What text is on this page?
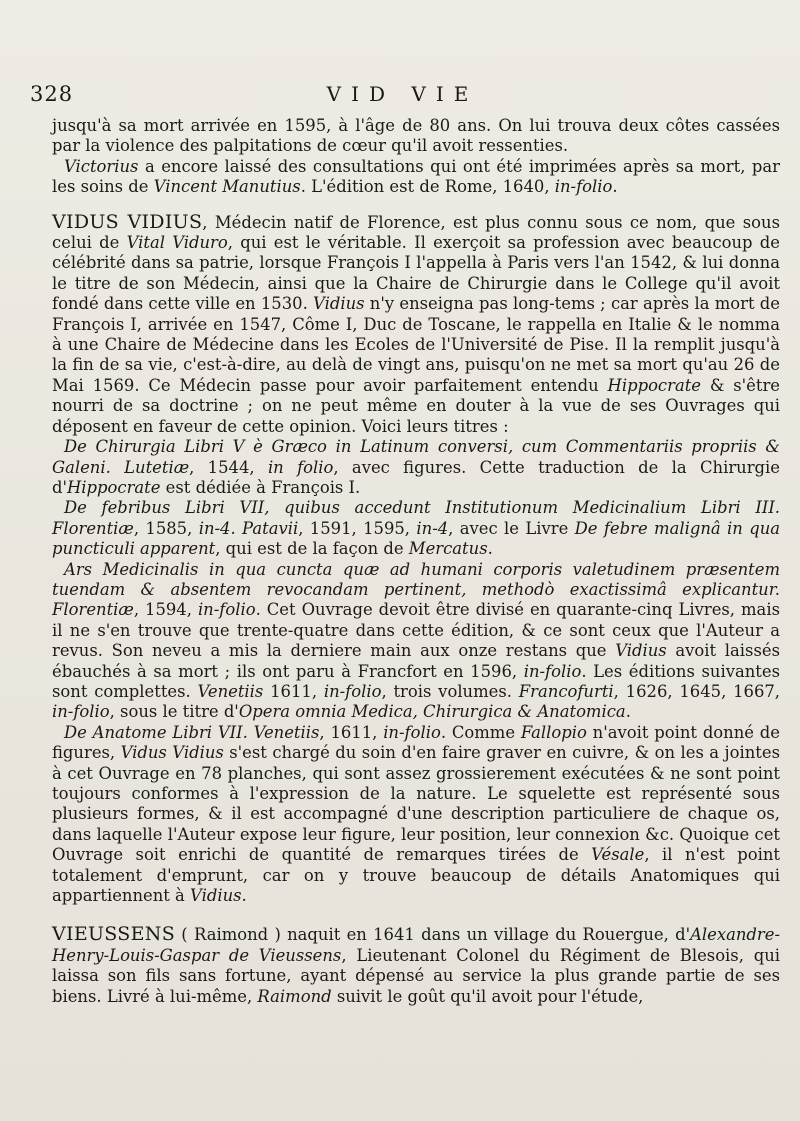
328	VID VIE

jusqu'à sa mort arrivée en 1595, à l'âge de 80 ans. On lui trouva deux côtes cassées par la violence des palpitations de cœur qu'il avoit ressenties.

Victorius a encore laissé des consultations qui ont été imprimées après sa mort, par les soins de Vincent Manutius. L'édition est de Rome, 1640, in-folio.

VIDUS VIDIUS, Médecin natif de Florence, est plus connu sous ce nom, que sous celui de Vital Viduro, qui est le véritable. Il exerçoit sa profession avec beaucoup de célébrité dans sa patrie, lorsque François I l'appella à Paris vers l'an 1542, & lui donna le titre de son Médecin, ainsi que la Chaire de Chirurgie dans le College qu'il avoit fondé dans cette ville en 1530. Vidius n'y enseigna pas long-tems ; car après la mort de François I, arrivée en 1547, Côme I, Duc de Toscane, le rappella en Italie & le nomma à une Chaire de Médecine dans les Ecoles de l'Université de Pise. Il la remplit jusqu'à la fin de sa vie, c'est-à-dire, au delà de vingt ans, puisqu'on ne met sa mort qu'au 26 de Mai 1569. Ce Médecin passe pour avoir parfaitement entendu Hippocrate & s'être nourri de sa doctrine ; on ne peut même en douter à la vue de ses Ouvrages qui déposent en faveur de cette opinion. Voici leurs titres :

De Chirurgia Libri V è Græco in Latinum conversi, cum Commentariis propriis & Galeni. Lutetiæ, 1544, in folio, avec figures. Cette traduction de la Chirurgie d'Hippocrate est dédiée à François I.

De febribus Libri VII, quibus accedunt Institutionum Medicinalium Libri III. Florentiæ, 1585, in-4. Patavii, 1591, 1595, in-4, avec le Livre De febre malignâ in qua puncticuli apparent, qui est de la façon de Mercatus.

Ars Medicinalis in qua cuncta quæ ad humani corporis valetudinem præsentem tuendam & absentem revocandam pertinent, methodò exactissimâ explicantur. Florentiæ, 1594, in-folio. Cet Ouvrage devoit être divisé en quarante-cinq Livres, mais il ne s'en trouve que trente-quatre dans cette édition, & ce sont ceux que l'Auteur a revus. Son neveu a mis la derniere main aux onze restans que Vidius avoit laissés ébauchés à sa mort ; ils ont paru à Francfort en 1596, in-folio. Les éditions suivantes sont complettes. Venetiis 1611, in-folio, trois volumes. Francofurti, 1626, 1645, 1667, in-folio, sous le titre d'Opera omnia Medica, Chirurgica & Anatomica.

De Anatome Libri VII. Venetiis, 1611, in-folio. Comme Fallopio n'avoit point donné de figures, Vidus Vidius s'est chargé du soin d'en faire graver en cuivre, & on les a jointes à cet Ouvrage en 78 planches, qui sont assez grossierement exécutées & ne sont point toujours conformes à l'expression de la nature. Le squelette est représenté sous plusieurs formes, & il est accompagné d'une description particuliere de chaque os, dans laquelle l'Auteur expose leur figure, leur position, leur connexion &c. Quoique cet Ouvrage soit enrichi de quantité de remarques tirées de Vésale, il n'est point totalement d'emprunt, car on y trouve beaucoup de détails Anatomiques qui appartiennent à Vidius.

VIEUSSENS ( Raimond ) naquit en 1641 dans un village du Rouergue, d'Alexandre-Henry-Louis-Gaspar de Vieussens, Lieutenant Colonel du Régiment de Blesois, qui laissa son fils sans fortune, ayant dépensé au service la plus grande partie de ses biens. Livré à lui-même, Raimond suivit le goût qu'il avoit pour l'étude,
